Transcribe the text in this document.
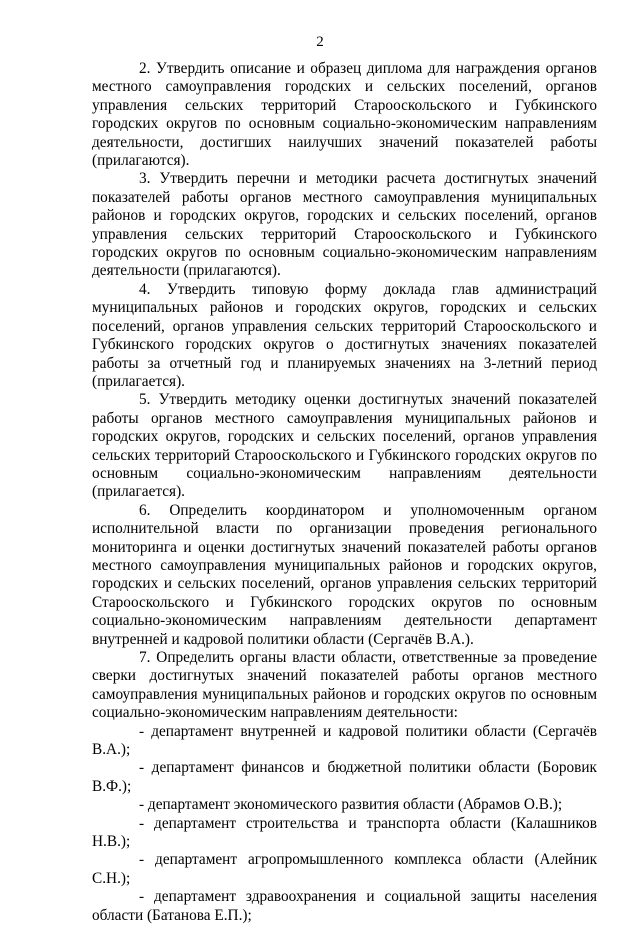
2

2. Утвердить описание и образец диплома для награждения органов местного самоуправления городских и сельских поселений, органов управления сельских территорий Старооскольского и Губкинского городских округов по основным социально-экономическим направлениям деятельности, достигших наилучших значений показателей работы (прилагаются).

3. Утвердить перечни и методики расчета достигнутых значений показателей работы органов местного самоуправления муниципальных районов и городских округов, городских и сельских поселений, органов управления сельских территорий Старооскольского и Губкинского городских округов по основным социально-экономическим направлениям деятельности (прилагаются).

4. Утвердить типовую форму доклада глав администраций муниципальных районов и городских округов, городских и сельских поселений, органов управления сельских территорий Старооскольского и Губкинского городских округов о достигнутых значениях показателей работы за отчетный год и планируемых значениях на 3-летний период (прилагается).

5. Утвердить методику оценки достигнутых значений показателей работы органов местного самоуправления муниципальных районов и городских округов, городских и сельских поселений, органов управления сельских территорий Старооскольского и Губкинского городских округов по основным социально-экономическим направлениям деятельности (прилагается).

6. Определить координатором и уполномоченным органом исполнительной власти по организации проведения регионального мониторинга и оценки достигнутых значений показателей работы органов местного самоуправления муниципальных районов и городских округов, городских и сельских поселений, органов управления сельских территорий Старооскольского и Губкинского городских округов по основным социально-экономическим направлениям деятельности департамент внутренней и кадровой политики области (Сергачёв В.А.).

7. Определить органы власти области, ответственные за проведение сверки достигнутых значений показателей работы органов местного самоуправления муниципальных районов и городских округов по основным социально-экономическим направлениям деятельности:

- департамент внутренней и кадровой политики области (Сергачёв В.А.);

- департамент финансов и бюджетной политики области (Боровик В.Ф.);

- департамент экономического развития области (Абрамов О.В.);

- департамент строительства и транспорта области (Калашников Н.В.);

- департамент агропромышленного комплекса области (Алейник С.Н.);

- департамент здравоохранения и социальной защиты населения области (Батанова Е.П.);
